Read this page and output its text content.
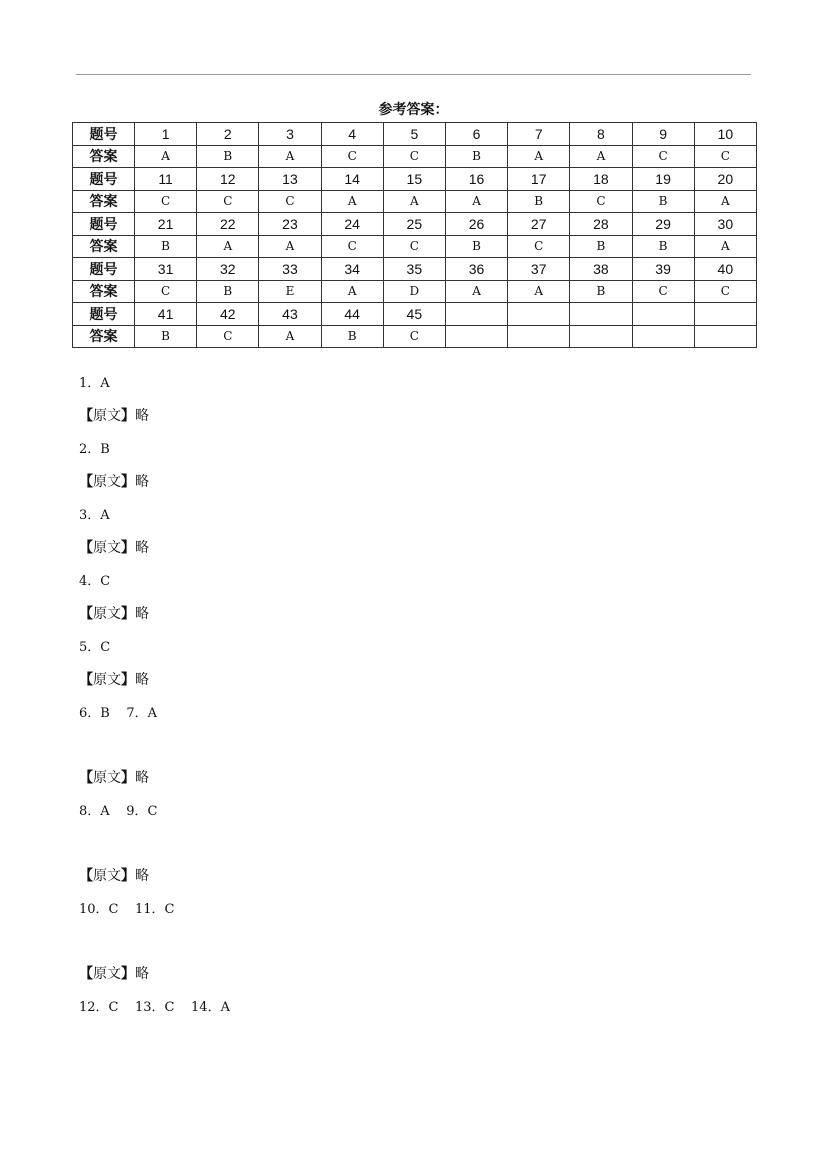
参考答案：
题号	1	2	3	4	5	6	7	8	9	10
答案	A	B	A	C	C	B	A	A	C	C
题号	11	12	13	14	15	16	17	18	19	20
答案	C	C	C	A	A	A	B	C	B	A
题号	21	22	23	24	25	26	27	28	29	30
答案	B	A	A	C	C	B	C	B	B	A
题号	31	32	33	34	35	36	37	38	39	40
答案	C	B	E	A	D	A	A	B	C	C
题号	41	42	43	44	45					
答案	B	C	A	B	C					
1．A
【原文】略
2．B
【原文】略
3．A
【原文】略
4．C
【原文】略
5．C
【原文】略
6．B    7．A
【原文】略
8．A    9．C
【原文】略
10．C    11．C
【原文】略
12．C    13．C    14．A
